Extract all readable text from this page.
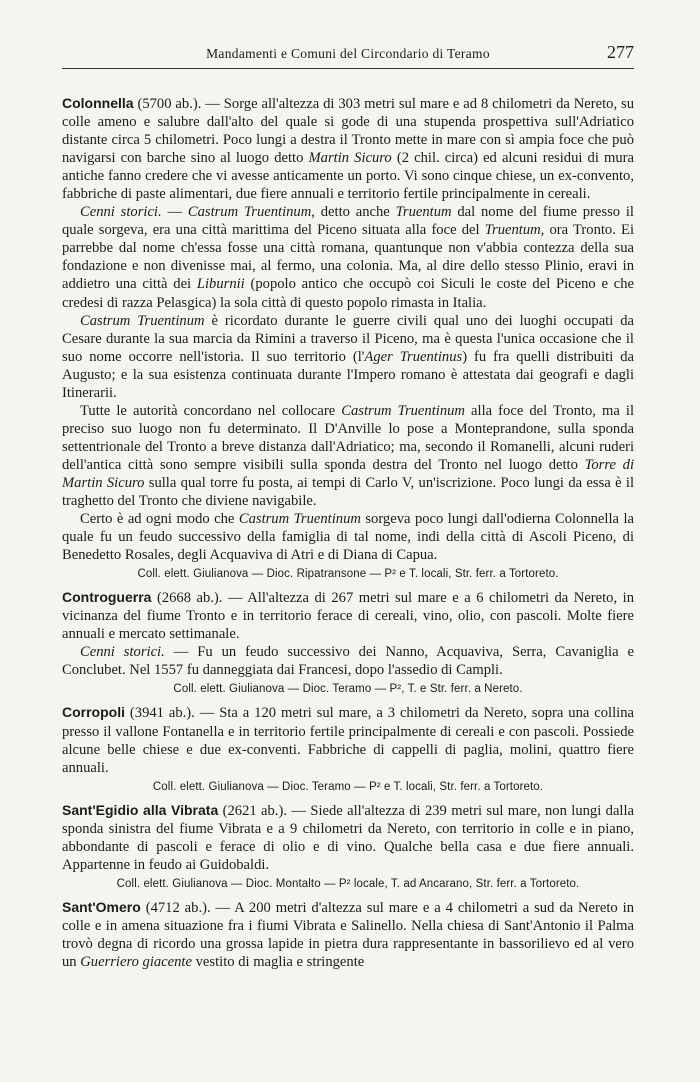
Mandamenti e Comuni del Circondario di Teramo	277

Colonnella (5700 ab.). — Sorge all'altezza di 303 metri sul mare e ad 8 chilometri da Nereto, su colle ameno e salubre dall'alto del quale si gode di una stupenda prospettiva sull'Adriatico distante circa 5 chilometri. Poco lungi a destra il Tronto mette in mare con sì ampia foce che può navigarsi con barche sino al luogo detto Martin Sicuro (2 chil. circa) ed alcuni residui di mura antiche fanno credere che vi avesse anticamente un porto. Vi sono cinque chiese, un ex-convento, fabbriche di paste alimentari, due fiere annuali e territorio fertile principalmente in cereali.

Cenni storici. — Castrum Truentinum, detto anche Truentum dal nome del fiume presso il quale sorgeva, era una città marittima del Piceno situata alla foce del Truentum, ora Tronto. Ei parrebbe dal nome ch'essa fosse una città romana, quantunque non v'abbia contezza della sua fondazione e non divenisse mai, al fermo, una colonia. Ma, al dire dello stesso Plinio, eravi in addietro una città dei Liburnii (popolo antico che occupò coi Siculi le coste del Piceno e che credesi di razza Pelasgica) la sola città di questo popolo rimasta in Italia.

Castrum Truentinum è ricordato durante le guerre civili qual uno dei luoghi occupati da Cesare durante la sua marcia da Rimini a traverso il Piceno, ma è questa l'unica occasione che il suo nome occorre nell'istoria. Il suo territorio (l'Ager Truentinus) fu fra quelli distribuiti da Augusto; e la sua esistenza continuata durante l'Impero romano è attestata dai geografi e dagli Itinerarii.

Tutte le autorità concordano nel collocare Castrum Truentinum alla foce del Tronto, ma il preciso suo luogo non fu determinato. Il D'Anville lo pose a Monteprandone, sulla sponda settentrionale del Tronto a breve distanza dall'Adriatico; ma, secondo il Romanelli, alcuni ruderi dell'antica città sono sempre visibili sulla sponda destra del Tronto nel luogo detto Torre di Martin Sicuro sulla qual torre fu posta, ai tempi di Carlo V, un'iscrizione. Poco lungi da essa è il traghetto del Tronto che diviene navigabile.

Certo è ad ogni modo che Castrum Truentinum sorgeva poco lungi dall'odierna Colonnella la quale fu un feudo successivo della famiglia di tal nome, indi della città di Ascoli Piceno, di Benedetto Rosales, degli Acquaviva di Atri e di Diana di Capua.

Coll. elett. Giulianova — Dioc. Ripatransone — P² e T. locali, Str. ferr. a Tortoreto.

Controguerra (2668 ab.). — All'altezza di 267 metri sul mare e a 6 chilometri da Nereto, in vicinanza del fiume Tronto e in territorio ferace di cereali, vino, olio, con pascoli. Molte fiere annuali e mercato settimanale.

Cenni storici. — Fu un feudo successivo dei Nanno, Acquaviva, Serra, Cavaniglia e Conclubet. Nel 1557 fu danneggiata dai Francesi, dopo l'assedio di Campli.

Coll. elett. Giulianova — Dioc. Teramo — P², T. e Str. ferr. a Nereto.

Corropoli (3941 ab.). — Sta a 120 metri sul mare, a 3 chilometri da Nereto, sopra una collina presso il vallone Fontanella e in territorio fertile principalmente di cereali e con pascoli. Possiede alcune belle chiese e due ex-conventi. Fabbriche di cappelli di paglia, molini, quattro fiere annuali.

Coll. elett. Giulianova — Dioc. Teramo — P² e T. locali, Str. ferr. a Tortoreto.

Sant'Egidio alla Vibrata (2621 ab.). — Siede all'altezza di 239 metri sul mare, non lungi dalla sponda sinistra del fiume Vibrata e a 9 chilometri da Nereto, con territorio in colle e in piano, abbondante di pascoli e ferace di olio e di vino. Qualche bella casa e due fiere annuali. Appartenne in feudo ai Guidobaldi.

Coll. elett. Giulianova — Dioc. Montalto — P² locale, T. ad Ancarano, Str. ferr. a Tortoreto.

Sant'Omero (4712 ab.). — A 200 metri d'altezza sul mare e a 4 chilometri a sud da Nereto in colle e in amena situazione fra i fiumi Vibrata e Salinello. Nella chiesa di Sant'Antonio il Palma trovò degna di ricordo una grossa lapide in pietra dura rappresentante in bassorilievo ed al vero un Guerriero giacente vestito di maglia e stringente
